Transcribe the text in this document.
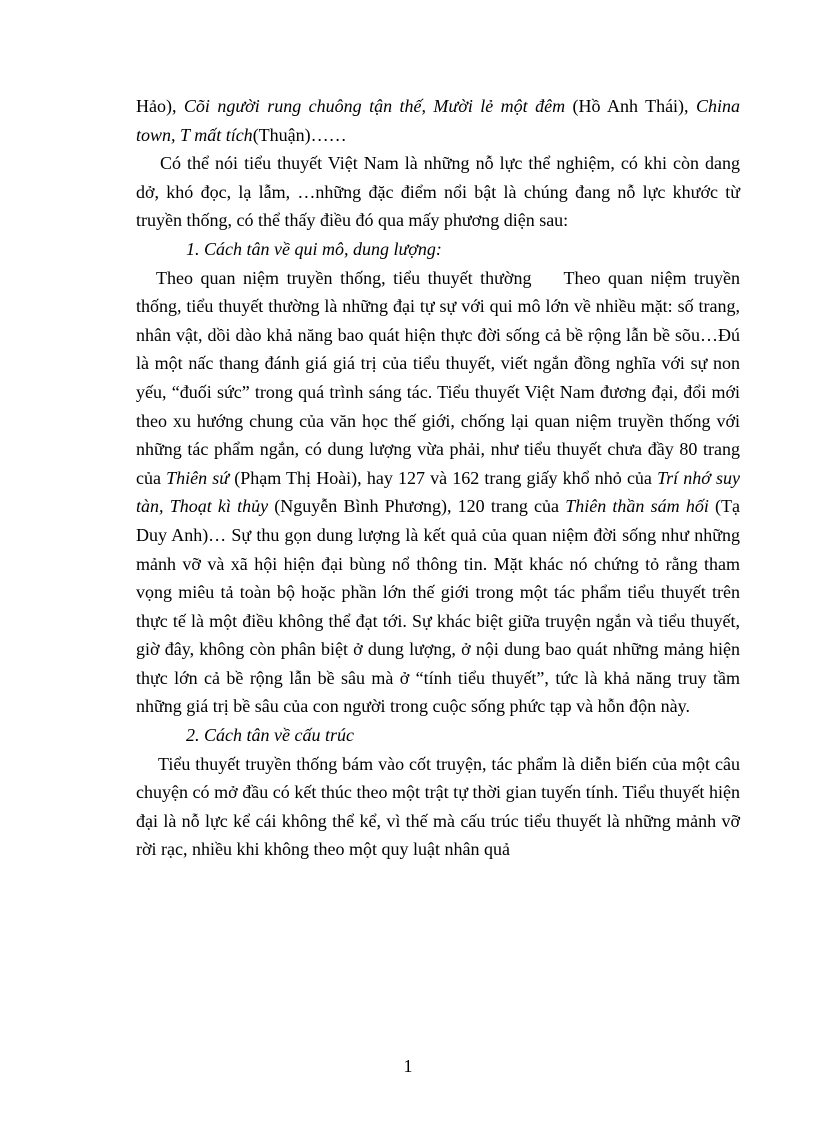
Hảo), Cõi người rung chuông tận thế, Mười lẻ một đêm (Hồ Anh Thái), China town, T mất tích(Thuận)……

Có thể nói tiểu thuyết Việt Nam là những nỗ lực thể nghiệm, có khi còn dang dở, khó đọc, lạ lẫm, …những đặc điểm nổi bật là chúng đang nỗ lực khước từ truyền thống, có thể thấy điều đó qua mấy phương diện sau:

1. Cách tân về qui mô, dung lượng:

Theo quan niệm truyền thống, tiểu thuyết thường Theo quan niệm truyền thống, tiểu thuyết thường là những đại tự sự với qui mô lớn về nhiều mặt: số trang, nhân vật, dồi dào khả năng bao quát hiện thực đời sống cả bề rộng lẫn bề sõu…Đú là một nấc thang đánh giá giá trị của tiểu thuyết, viết ngắn đồng nghĩa với sự non yếu, “đuối sức” trong quá trình sáng tác. Tiểu thuyết Việt Nam đương đại, đổi mới theo xu hướng chung của văn học thế giới, chống lại quan niệm truyền thống với những tác phẩm ngắn, có dung lượng vừa phải, như tiểu thuyết chưa đầy 80 trang của Thiên sứ (Phạm Thị Hoài), hay 127 và 162 trang giấy khổ nhỏ của Trí nhớ suy tàn, Thoạt kì thủy (Nguyễn Bình Phương), 120 trang của Thiên thần sám hối (Tạ Duy Anh)… Sự thu gọn dung lượng là kết quả của quan niệm đời sống như những mảnh vỡ và xã hội hiện đại bùng nổ thông tin. Mặt khác nó chứng tỏ rằng tham vọng miêu tả toàn bộ hoặc phần lớn thế giới trong một tác phẩm tiểu thuyết trên thực tế là một điều không thể đạt tới. Sự khác biệt giữa truyện ngắn và tiểu thuyết, giờ đây, không còn phân biệt ở dung lượng, ở nội dung bao quát những mảng hiện thực lớn cả bề rộng lẫn bề sâu mà ở “tính tiểu thuyết”, tức là khả năng truy tầm những giá trị bề sâu của con người trong cuộc sống phức tạp và hỗn độn này.

2. Cách tân về cấu trúc

Tiểu thuyết truyền thống bám vào cốt truyện, tác phẩm là diễn biến của một câu chuyện có mở đầu có kết thúc theo một trật tự thời gian tuyến tính. Tiểu thuyết hiện đại là nỗ lực kể cái không thể kể, vì thế mà cấu trúc tiểu thuyết là những mảnh vỡ rời rạc, nhiều khi không theo một quy luật nhân quả

1
